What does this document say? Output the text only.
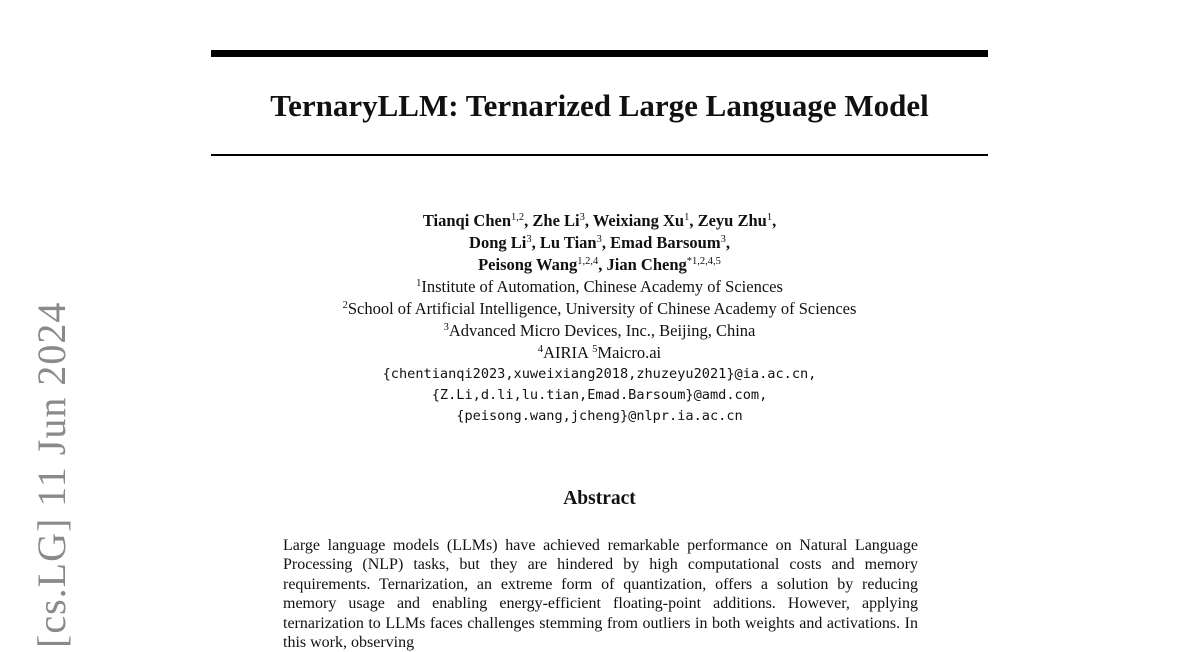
TernaryLLM: Ternarized Large Language Model
Tianqi Chen$^{1,2}$, Zhe Li$^3$, Weixiang Xu$^1$, Zeyu Zhu$^1$,
Dong Li$^3$, Lu Tian$^3$, Emad Barsoum$^3$,
Peisong Wang$^{1,2,4}$, Jian Cheng$^{*1,2,4,5}$
$^1$Institute of Automation, Chinese Academy of Sciences
$^2$School of Artificial Intelligence, University of Chinese Academy of Sciences
$^3$Advanced Micro Devices, Inc., Beijing, China
$^4$AIRIA $^5$Maicro.ai
{chentianqi2023,xuweixiang2018,zhuzeyu2021}@ia.ac.cn,
{Z.Li,d.li,lu.tian,Emad.Barsoum}@amd.com,
{peisong.wang,jcheng}@nlpr.ia.ac.cn
Abstract

Large language models (LLMs) have achieved remarkable performance on Natural Language Processing (NLP) tasks, but they are hindered by high computational costs and memory requirements. Ternarization, an extreme form of quantization, offers a solution by reducing memory usage and enabling energy-efficient floating-point additions. However, applying ternarization to LLMs faces challenges stemming from outliers in both weights and activations. In this work, observing

[cs.LG] 11 Jun 2024
